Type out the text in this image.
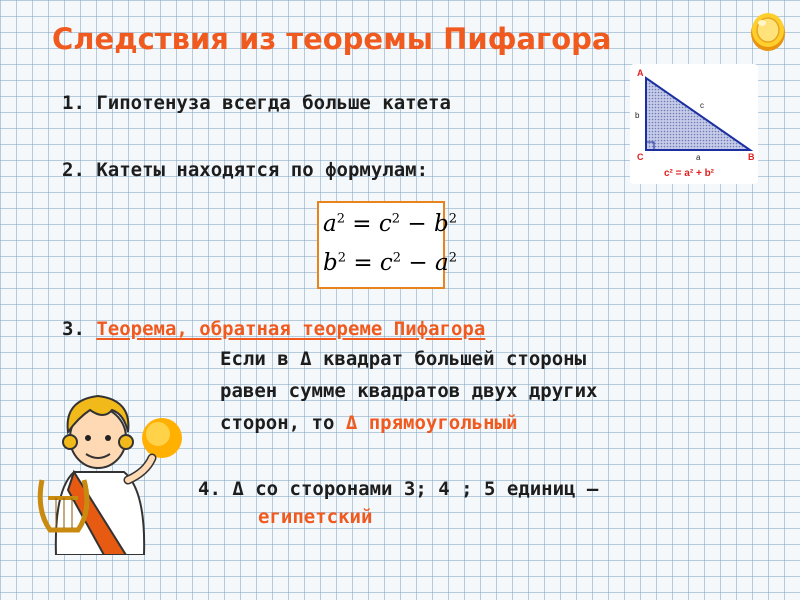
Следствия из теоремы Пифагора
1. Гипотенуза всегда больше катета
2. Катеты находятся по формулам:
$a^2 = c^2 - b^2$
$b^2 = c^2 - a^2$
A
B
C	a
b
c
c² = a² + b²
3. Теорема, обратная теореме Пифагора
Если в Δ квадрат большей стороны
равен сумме квадратов двух других
сторон, то Δ прямоугольный
4. Δ со сторонами 3; 4 ; 5 единиц –
египетский
